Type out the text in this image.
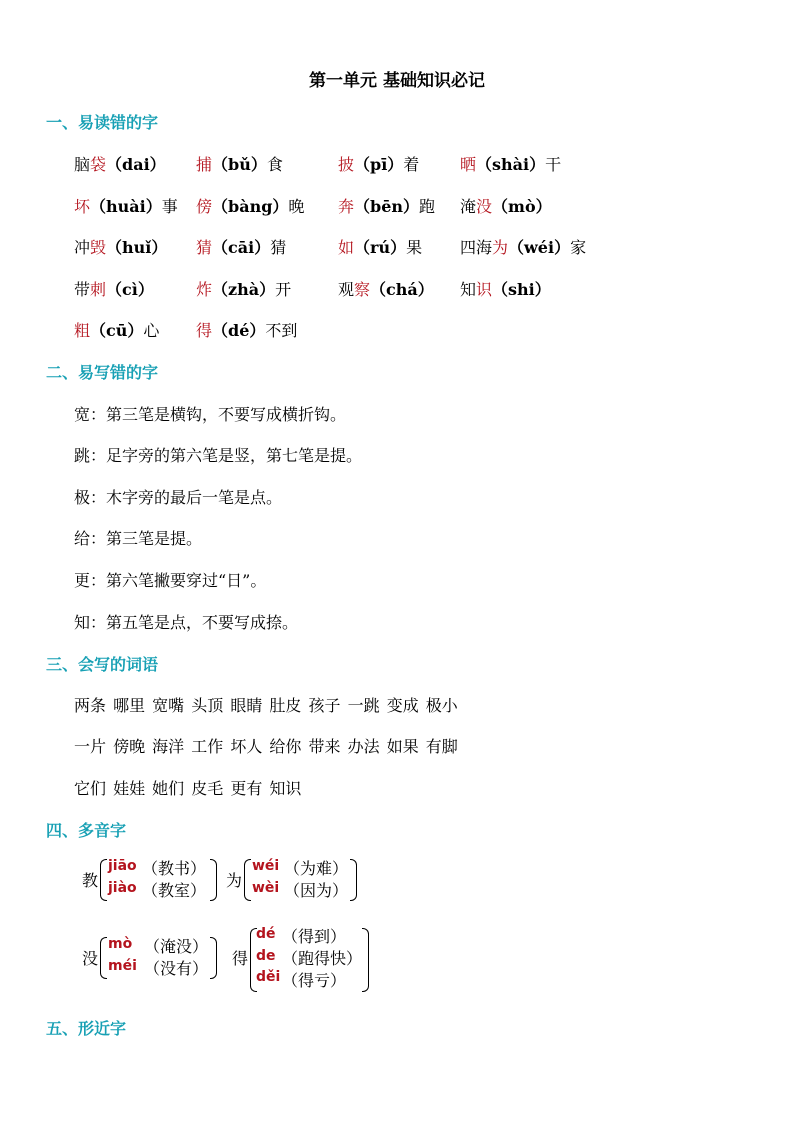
第一单元 基础知识必记
一、易读错的字
脑袋（dai） 捕（bǔ）食	披（pī）着	晒（shài）干
坏（huài）事 傍（bàng）晚 奔（bēn）跑 淹没（mò）
冲毁（huǐ） 猜（cāi）猜	如（rú）果 四海为（wéi）家
带刺（cì）	炸（zhà）开	观察（chá） 知识（shi）
粗（cū）心 得（dé）不到
二、易写错的字
宽：第三笔是横钩，不要写成横折钩。
跳：足字旁的第六笔是竖，第七笔是提。
极：木字旁的最后一笔是点。
给：第三笔是提。
更：第六笔撇要穿过“日”。
知：第五笔是点，不要写成捺。
三、会写的词语
两条 哪里 宽嘴 头顶 眼睛 肚皮 孩子 一跳 变成 极小
一片 傍晚 海洋 工作 坏人 给你 带来 办法 如果 有脚
它们 娃娃 她们 皮毛 更有 知识
四、多音字
教
jiāo （教书）
jiào （教室）
为
wéi （为难）
wèi （因为）
没
mò （淹没）
méi （没有）
得
dé （得到）
de （跑得快）
děi （得亏）
五、形近字
